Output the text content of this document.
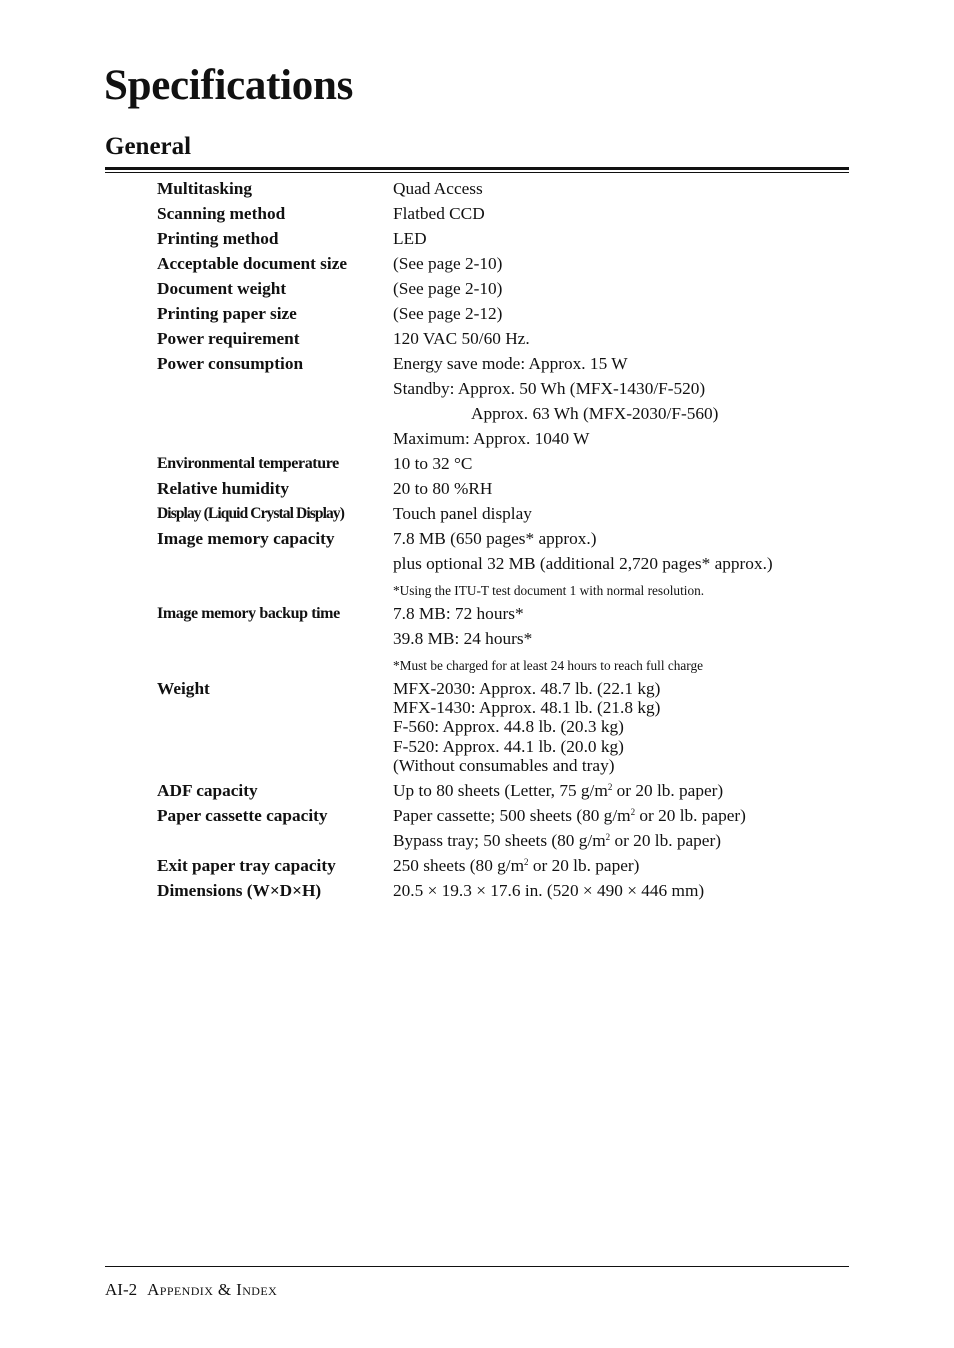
Specifications
General
Multitasking	Quad Access
Scanning method	Flatbed CCD
Printing method	LED
Acceptable document size	(See page 2-10)
Document weight	(See page 2-10)
Printing paper size	(See page 2-12)
Power requirement	120 VAC 50/60 Hz.
Power consumption	Energy save mode: Approx. 15 W
Standby: Approx. 50 Wh (MFX-1430/F-520)
Approx. 63 Wh (MFX-2030/F-560)
Maximum: Approx. 1040 W
Environmental temperature	10 to 32 °C
Relative humidity	20 to 80 %RH
Display (Liquid Crystal Display)	Touch panel display
Image memory capacity	7.8 MB (650 pages* approx.)
plus optional 32 MB (additional 2,720 pages* approx.)
*Using the ITU-T test document 1 with normal resolution.
Image memory backup time	7.8 MB: 72 hours*
39.8 MB: 24 hours*
*Must be charged for at least 24 hours to reach full charge
Weight	MFX-2030: Approx. 48.7 lb. (22.1 kg)
MFX-1430: Approx. 48.1 lb. (21.8 kg)
F-560: Approx. 44.8 lb. (20.3 kg)
F-520: Approx. 44.1 lb. (20.0 kg)
(Without consumables and tray)
ADF capacity	Up to 80 sheets (Letter, 75 $g/m^2$ or 20 lb. paper)
Paper cassette capacity	Paper cassette; 500 sheets (80 $g/m^2$ or 20 lb. paper)
Bypass tray; 50 sheets (80 $g/m^2$ or 20 lb. paper)
Exit paper tray capacity	250 sheets (80 $g/m^2$ or 20 lb. paper)
Dimensions (W×D×H)	20.5 × 19.3 × 17.6 in. (520 × 490 × 446 mm)
AI-2 Appendix & Index
